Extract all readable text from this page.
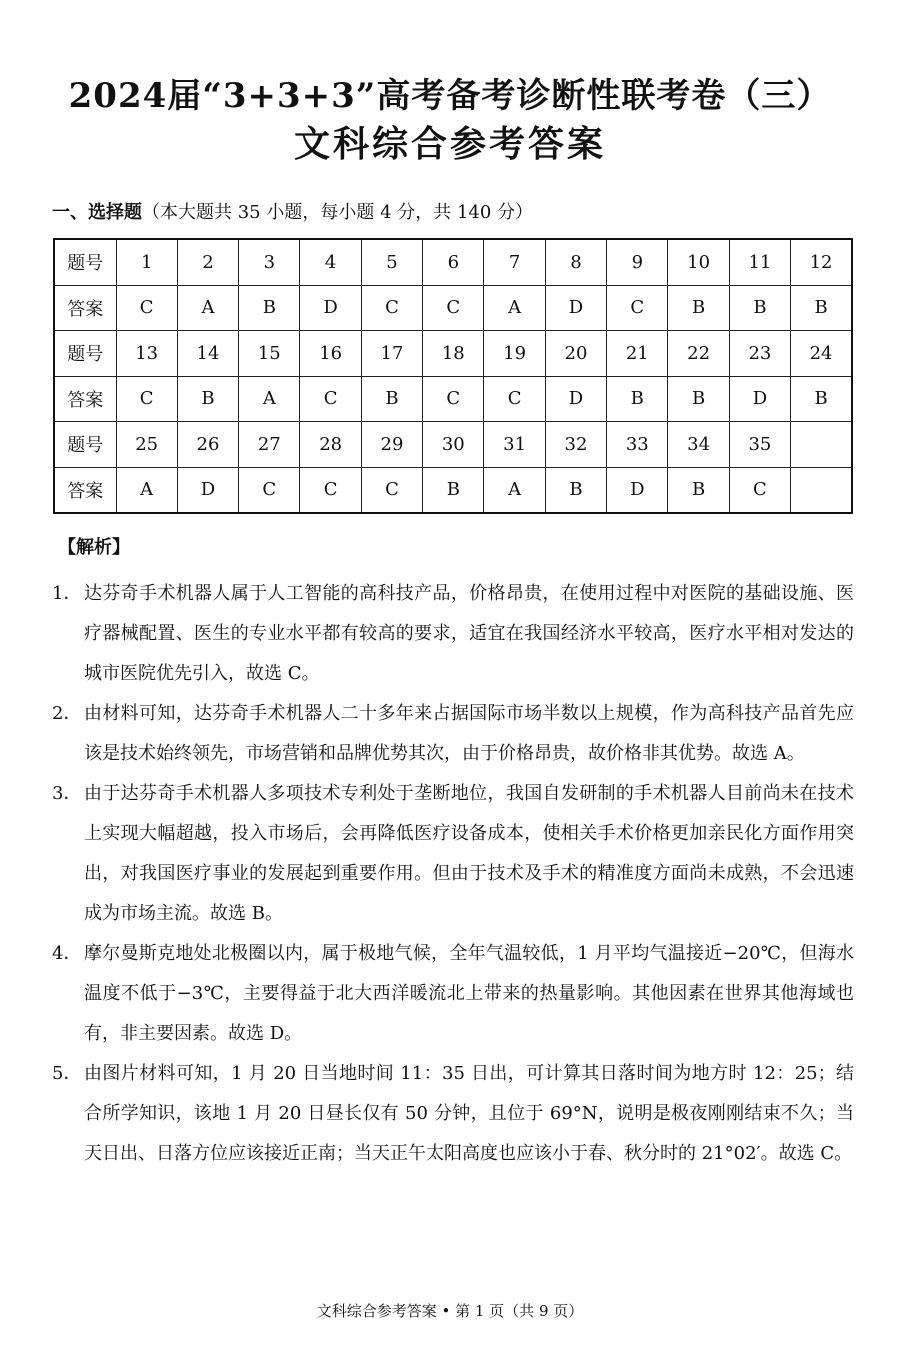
2024届“3+3+3”高考备考诊断性联考卷（三）
文科综合参考答案
一、选择题（本大题共 35 小题，每小题 4 分，共 140 分）
题号	1	2	3	4	5	6	7	8	9	10	11	12
答案	C	A	B	D	C	C	A	D	C	B	B	B
题号	13	14	15	16	17	18	19	20	21	22	23	24
答案	C	B	A	C	B	C	C	D	B	B	D	B
题号	25	26	27	28	29	30	31	32	33	34	35	
答案	A	D	C	C	C	B	A	B	D	B	C	
【解析】
1． 达芬奇手术机器人属于人工智能的高科技产品，价格昂贵，在使用过程中对医院的基础设施、医疗器械配置、医生的专业水平都有较高的要求，适宜在我国经济水平较高，医疗水平相对发达的城市医院优先引入，故选 C。
2． 由材料可知，达芬奇手术机器人二十多年来占据国际市场半数以上规模，作为高科技产品首先应该是技术始终领先，市场营销和品牌优势其次，由于价格昂贵，故价格非其优势。故选 A。
3． 由于达芬奇手术机器人多项技术专利处于垄断地位，我国自发研制的手术机器人目前尚未在技术上实现大幅超越，投入市场后，会再降低医疗设备成本，使相关手术价格更加亲民化方面作用突出，对我国医疗事业的发展起到重要作用。但由于技术及手术的精准度方面尚未成熟，不会迅速成为市场主流。故选 B。
4． 摩尔曼斯克地处北极圈以内，属于极地气候，全年气温较低，1 月平均气温接近−20℃，但海水温度不低于−3℃，主要得益于北大西洋暖流北上带来的热量影响。其他因素在世界其他海域也有，非主要因素。故选 D。
5． 由图片材料可知，1 月 20 日当地时间 11：35 日出，可计算其日落时间为地方时 12：25；结合所学知识，该地 1 月 20 日昼长仅有 50 分钟，且位于 69°N，说明是极夜刚刚结束不久；当天日出、日落方位应该接近正南；当天正午太阳高度也应该小于春、秋分时的 21°02′。故选 C。
文科综合参考答案 • 第 1 页（共 9 页）
